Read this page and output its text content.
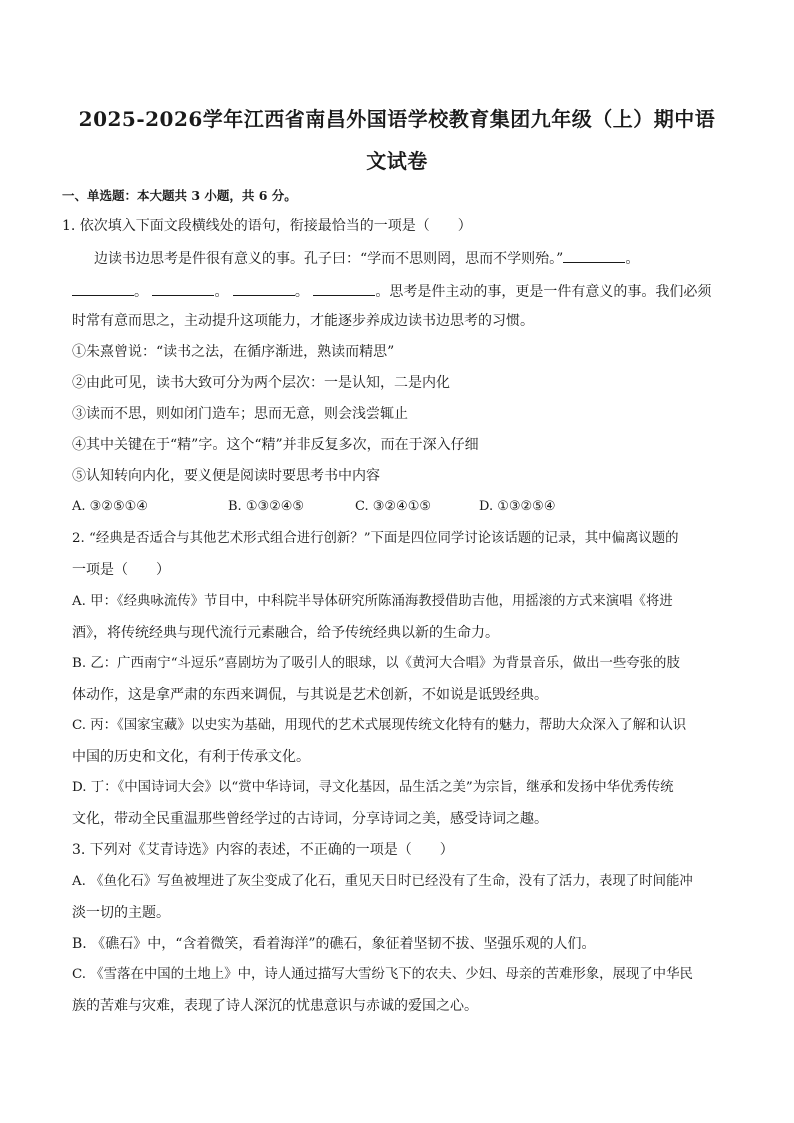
2025-2026学年江西省南昌外国语学校教育集团九年级（上）期中语
文试卷
一、单选题：本大题共 3 小题，共 6 分。
1. 依次填入下面文段横线处的语句，衔接最恰当的一项是（　　）
边读书边思考是件很有意义的事。孔子曰：“学而不思则罔，思而不学则殆。”	。
。	。	。	。思考是件主动的事，更是一件有意义的事。我们必须
时常有意而思之，主动提升这项能力，才能逐步养成边读书边思考的习惯。
①朱熹曾说：“读书之法，在循序渐进，熟读而精思”
②由此可见，读书大致可分为两个层次：一是认知，二是内化
③读而不思，则如闭门造车；思而无意，则会浅尝辄止
④其中关键在于“精”字。这个“精”并非反复多次，而在于深入仔细
⑤认知转向内化，要义便是阅读时要思考书中内容
A. ③②⑤①④	B. ①③②④⑤	C. ③②④①⑤	D. ①③②⑤④
2. “经典是否适合与其他艺术形式组合进行创新？”下面是四位同学讨论该话题的记录，其中偏离议题的
一项是（　　）
A. 甲：《经典咏流传》节目中，中科院半导体研究所陈涌海教授借助吉他，用摇滚的方式来演唱《将进
酒》，将传统经典与现代流行元素融合，给予传统经典以新的生命力。
B. 乙：广西南宁“斗逗乐”喜剧坊为了吸引人的眼球，以《黄河大合唱》为背景音乐，做出一些夸张的肢
体动作，这是拿严肃的东西来调侃，与其说是艺术创新，不如说是诋毁经典。
C. 丙：《国家宝藏》以史实为基础，用现代的艺术式展现传统文化特有的魅力，帮助大众深入了解和认识
中国的历史和文化，有利于传承文化。
D. 丁：《中国诗词大会》以“赏中华诗词，寻文化基因，品生活之美”为宗旨，继承和发扬中华优秀传统
文化，带动全民重温那些曾经学过的古诗词，分享诗词之美，感受诗词之趣。
3. 下列对《艾青诗选》内容的表述，不正确的一项是（　　）
A. 《鱼化石》写鱼被埋进了灰尘变成了化石，重见天日时已经没有了生命，没有了活力，表现了时间能冲
淡一切的主题。
B. 《礁石》中，“含着微笑，看着海洋”的礁石，象征着坚韧不拔、坚强乐观的人们。
C. 《雪落在中国的土地上》中，诗人通过描写大雪纷飞下的农夫、少妇、母亲的苦难形象，展现了中华民
族的苦难与灾难，表现了诗人深沉的忧患意识与赤诚的爱国之心。
